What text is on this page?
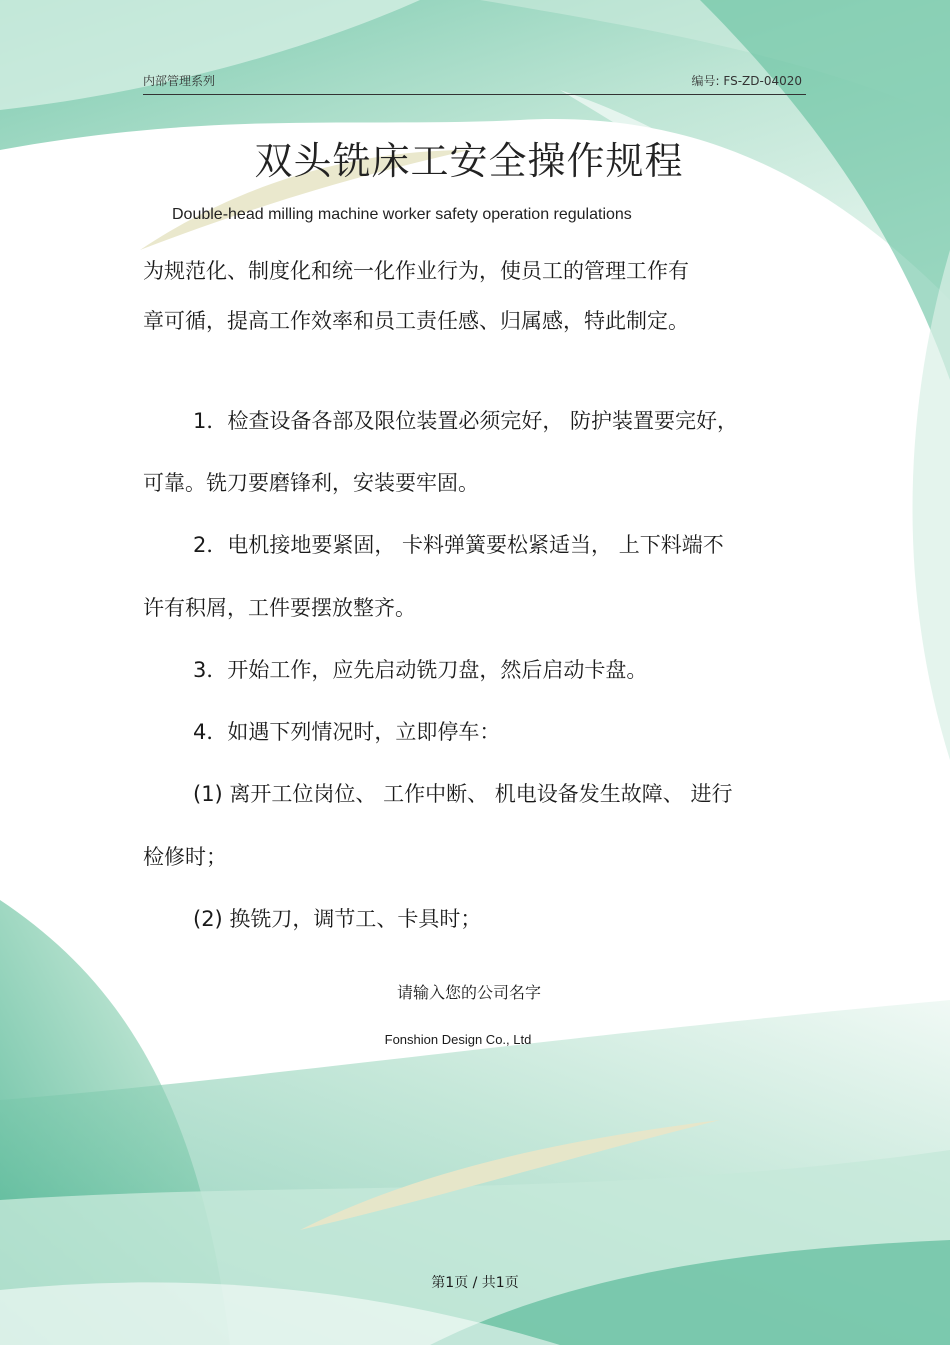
内部管理系列	编号: FS-ZD-04020
双头铣床工安全操作规程
Double-head milling machine worker safety operation regulations
为规范化、制度化和统一化作业行为，使员工的管理工作有
章可循，提高工作效率和员工责任感、归属感，特此制定。
1．检查设备各部及限位装置必须完好， 防护装置要完好，
可靠。铣刀要磨锋利，安装要牢固。
2．电机接地要紧固， 卡料弹簧要松紧适当， 上下料端不
许有积屑，工件要摆放整齐。
3．开始工作，应先启动铣刀盘，然后启动卡盘。
4．如遇下列情况时，立即停车：
(1) 离开工位岗位、 工作中断、 机电设备发生故障、 进行
检修时；
(2) 换铣刀，调节工、卡具时；
请输入您的公司名字
Fonshion Design Co., Ltd
第1页 / 共1页
